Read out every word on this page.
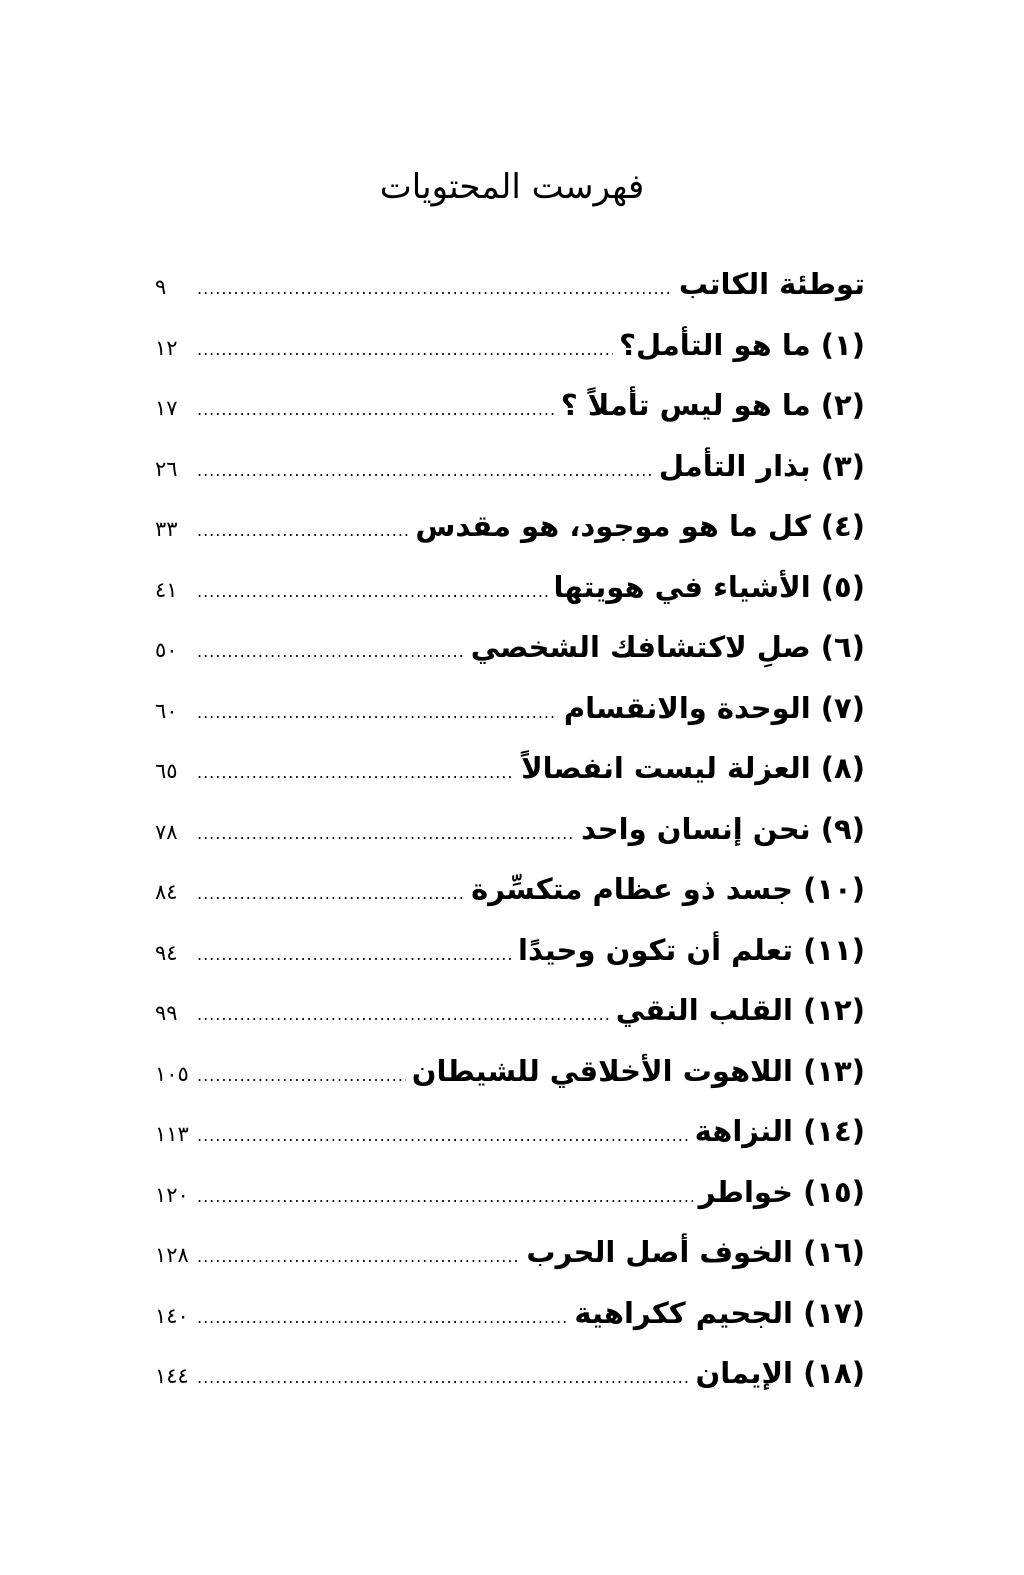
فهرست المحتويات
توطئة الكاتب
.....
٩
(١) ما هو التأمل؟
.....
١٢
(٢) ما هو ليس تأملاً ؟
.....
١٧
(٣) بذار التأمل
.....
٢٦
(٤) كل ما هو موجود، هو مقدس
.....
٣٣
(٥) الأشياء في هويتها
.....
٤١
(٦) صلِ لاكتشافك الشخصي
.....
٥٠
(٧) الوحدة والانقسام
.....
٦٠
(٨) العزلة ليست انفصالاً
.....
٦٥
(٩) نحن إنسان واحد
.....
٧٨
(١٠) جسد ذو عظام متكسِّرة
.....
٨٤
(١١) تعلم أن تكون وحيدًا
.....
٩٤
(١٢) القلب النقي
.....
٩٩
(١٣) اللاهوت الأخلاقي للشيطان
.....
١٠٥
(١٤) النزاهة
.....
١١٣
(١٥) خواطر
.....
١٢٠
(١٦) الخوف أصل الحرب
.....
١٢٨
(١٧) الجحيم ككراهية
.....
١٤٠
(١٨) الإيمان
.....
١٤٤
